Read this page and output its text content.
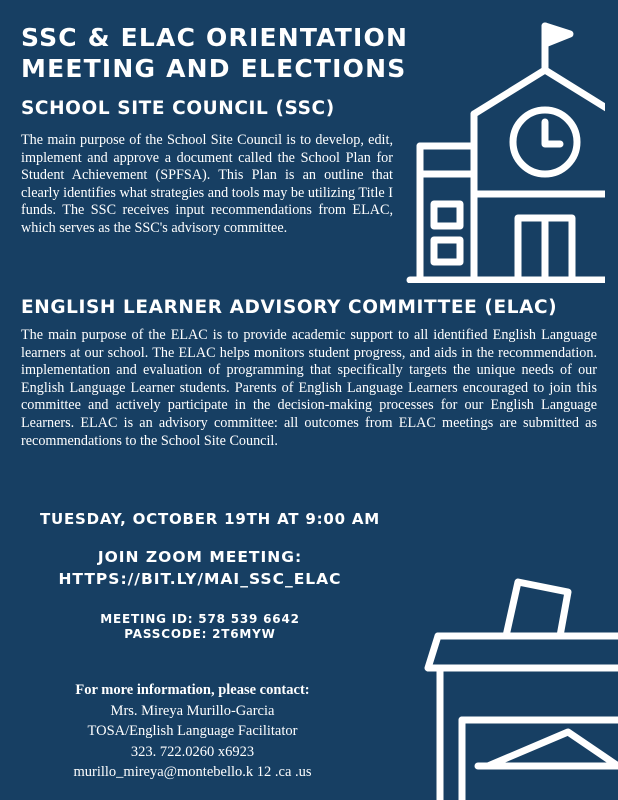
SSC & ELAC ORIENTATION
MEETING AND ELECTIONS
SCHOOL SITE COUNCIL (SSC)
The main purpose of the School Site Council is to develop, edit, implement and approve a document called the School Plan for Student Achievement (SPFSA). This Plan is an outline that clearly identifies what strategies and tools may be utilizing Title I funds. The SSC receives input recommendations from ELAC, which serves as the SSC's advisory committee.
ENGLISH LEARNER ADVISORY COMMITTEE (ELAC)
The main purpose of the ELAC is to provide academic support to all identified English Language learners at our school. The ELAC helps monitors student progress, and aids in the recommendation. implementation and evaluation of programming that specifically targets the unique needs of our English Language Learner students. Parents of English Language Learners encouraged to join this committee and actively participate in the decision-making processes for our English Language Learners. ELAC is an advisory committee: all outcomes from ELAC meetings are submitted as recommendations to the School Site Council.
TUESDAY, OCTOBER 19TH AT 9:00 AM
JOIN ZOOM MEETING:
HTTPS://BIT.LY/MAI_SSC_ELAC
MEETING ID: 578 539 6642
PASSCODE: 2T6MYW
For more information, please contact:
Mrs. Mireya Murillo-Garcia
TOSA/English Language Facilitator
323. 722.0260 x6923
murillo_mireya@montebello.k 12 .ca .us
